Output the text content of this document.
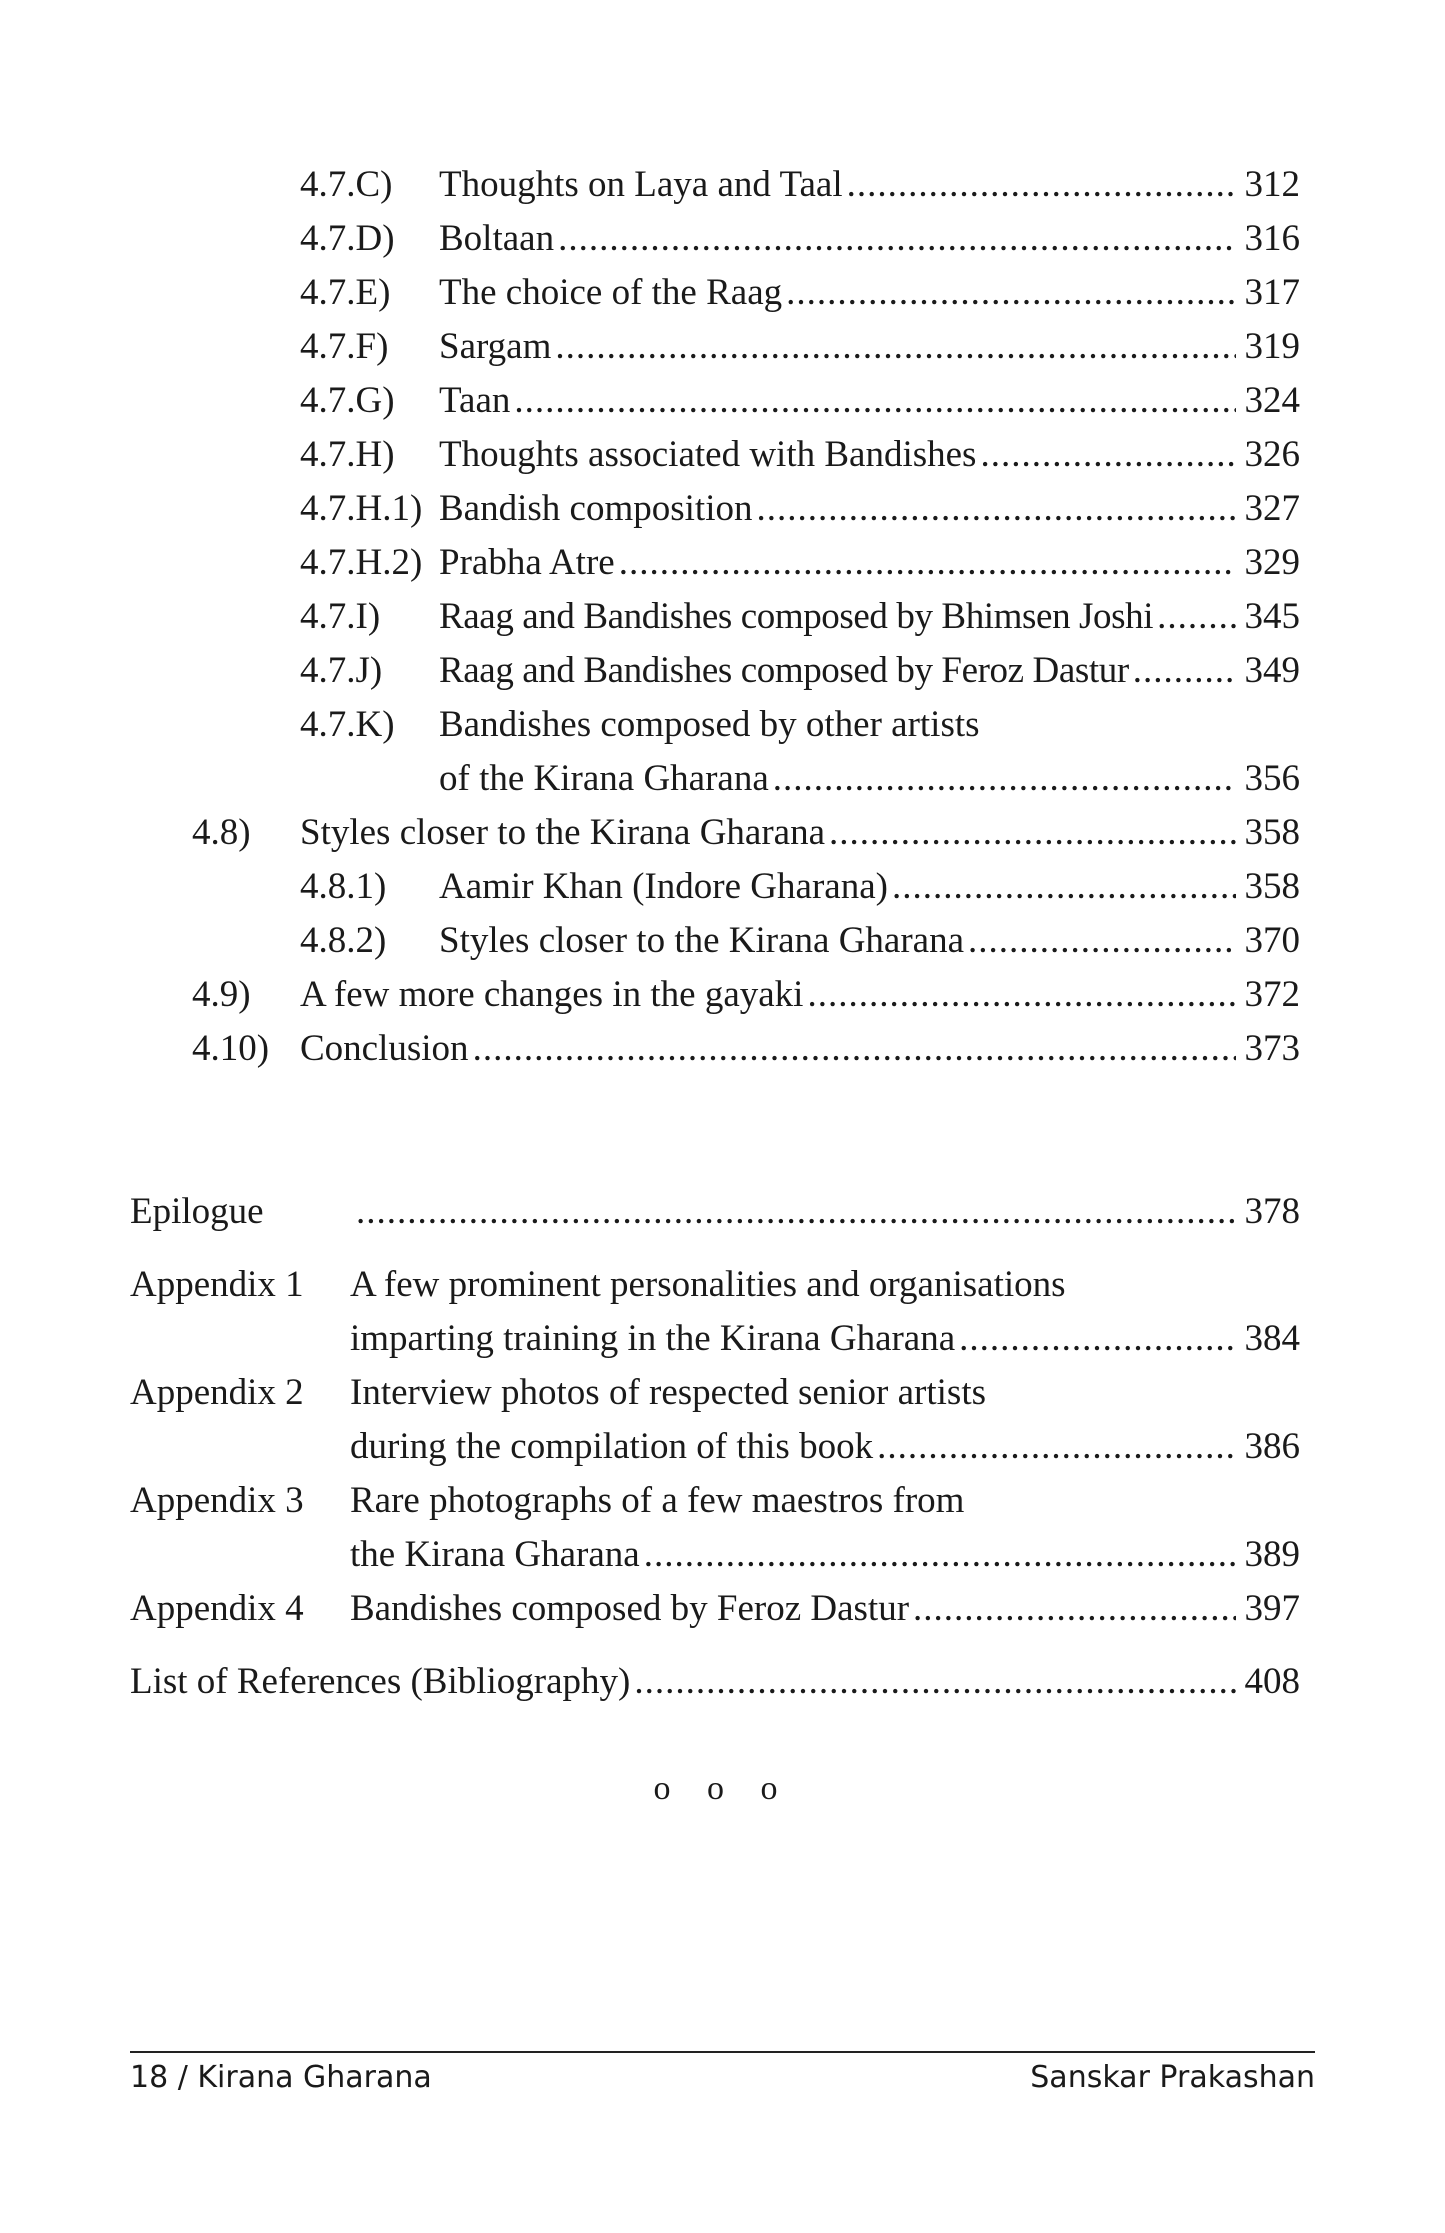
4.7.C)	Thoughts on Laya and Taal .....	312
4.7.D)	Boltaan .....	316
4.7.E)	The choice of the Raag .....	317
4.7.F)	Sargam .....	319
4.7.G)	Taan .....	324
4.7.H)	Thoughts associated with Bandishes .....	326
4.7.H.1) Bandish composition .....	327
4.7.H.2) Prabha Atre .....	329
4.7.I)	Raag and Bandishes composed by Bhimsen Joshi ..... 345
4.7.J)	Raag and Bandishes composed by Feroz Dastur .....	349
4.7.K)	Bandishes composed by other artists
of the Kirana Gharana .....	356
4.8)	Styles closer to the Kirana Gharana .....	358
4.8.1)	Aamir Khan (Indore Gharana) .....	358
4.8.2)	Styles closer to the Kirana Gharana .....	370
4.9)	A few more changes in the gayaki .....	372
4.10) Conclusion .....	373
Epilogue .....	378
Appendix 1	A few prominent personalities and organisations
imparting training in the Kirana Gharana .....	384
Appendix 2	Interview photos of respected senior artists
during the compilation of this book .....	386
Appendix 3	Rare photographs of a few maestros from
the Kirana Gharana .....	389
Appendix 4	Bandishes composed by Feroz Dastur .....	397
List of References (Bibliography) .....	408
o o o
18 / Kirana Gharana	Sanskar Prakashan
